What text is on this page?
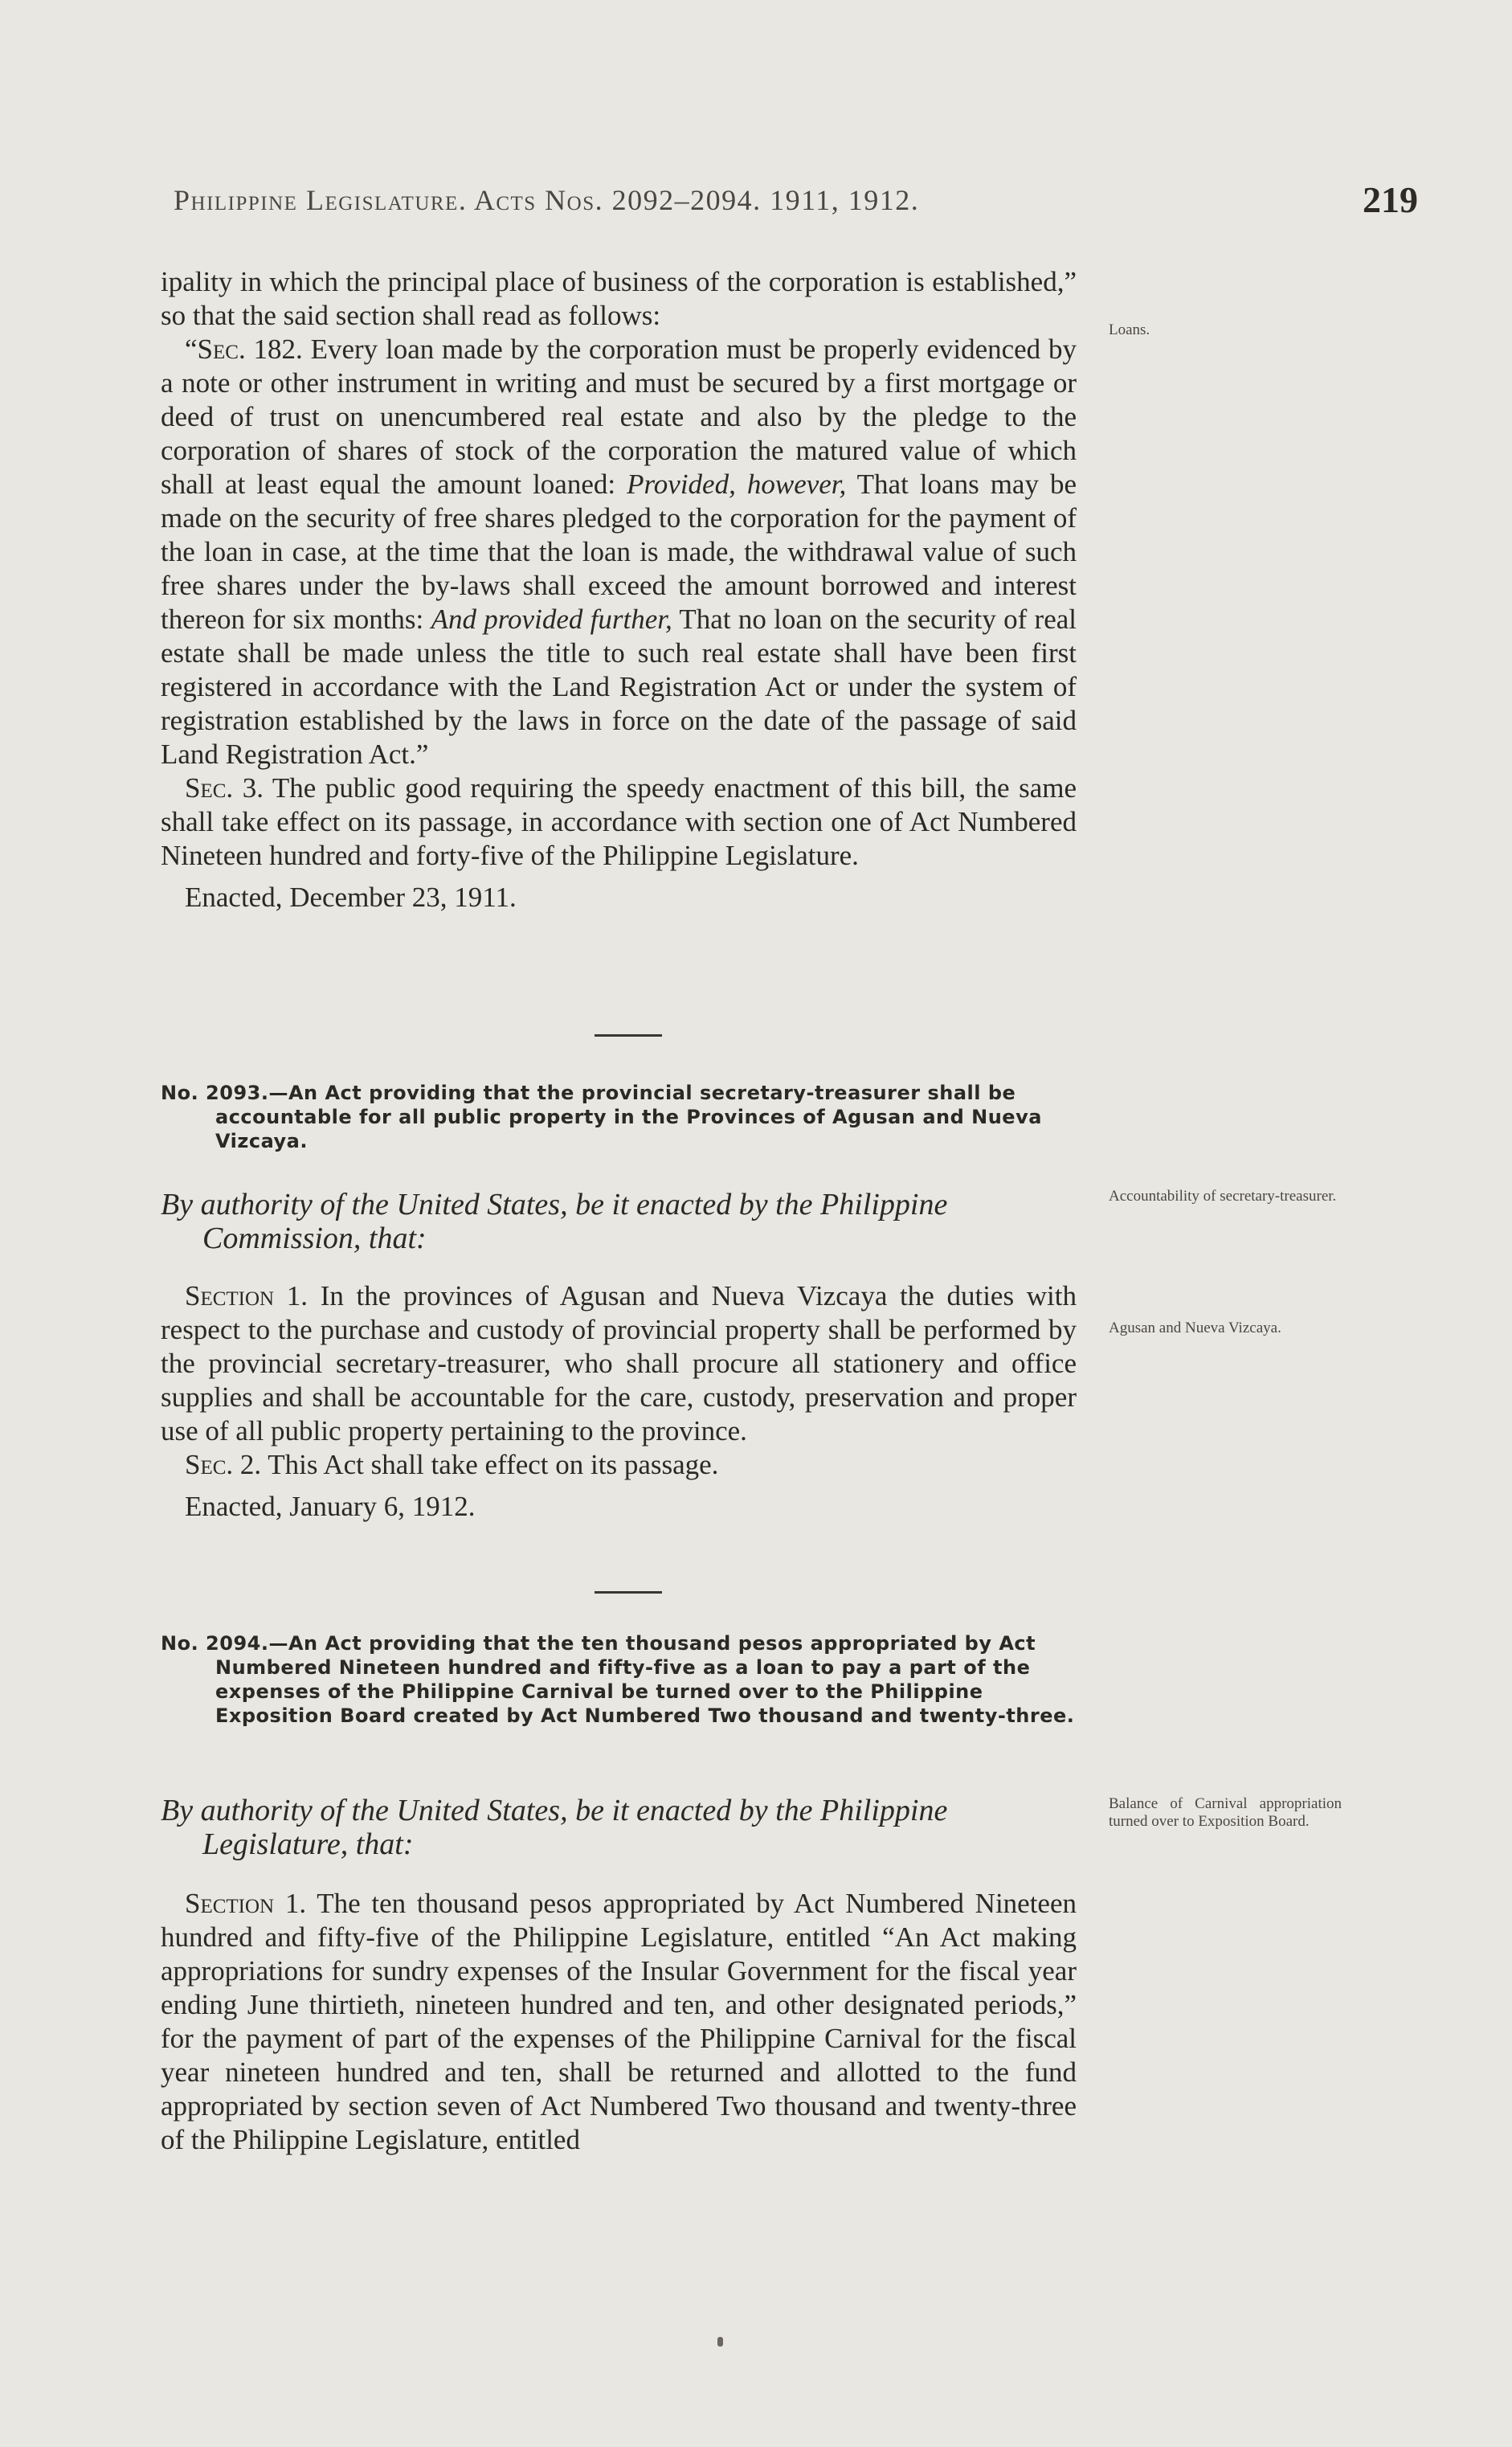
Philippine Legislature. Acts Nos. 2092–2094. 1911, 1912.	219

ipality in which the principal place of business of the corporation is established,” so that the said section shall read as follows:

“Sec. 182. Every loan made by the corporation must be properly evidenced by a note or other instrument in writing and must be secured by a first mortgage or deed of trust on unencumbered real estate and also by the pledge to the corporation of shares of stock of the corporation the matured value of which shall at least equal the amount loaned: Provided, however, That loans may be made on the security of free shares pledged to the corporation for the payment of the loan in case, at the time that the loan is made, the withdrawal value of such free shares under the by-laws shall exceed the amount borrowed and interest thereon for six months: And provided further, That no loan on the security of real estate shall be made unless the title to such real estate shall have been first registered in accordance with the Land Registration Act or under the system of registration established by the laws in force on the date of the passage of said Land Registration Act.”

Sec. 3. The public good requiring the speedy enactment of this bill, the same shall take effect on its passage, in accordance with section one of Act Numbered Nineteen hundred and forty-five of the Philippine Legislature.

Enacted, December 23, 1911.

Loans.
No. 2093.—An Act providing that the provincial secretary-treasurer shall be accountable for all public property in the Provinces of Agusan and Nueva Vizcaya.
By authority of the United States, be it enacted by the Philippine
Commission, that:
Accountability of secretary-treasurer.

Section 1. In the provinces of Agusan and Nueva Vizcaya the duties with respect to the purchase and custody of provincial property shall be performed by the provincial secretary-treasurer, who shall procure all stationery and office supplies and shall be accountable for the care, custody, preservation and proper use of all public property pertaining to the province.

Sec. 2. This Act shall take effect on its passage.

Enacted, January 6, 1912.

Agusan and Nueva Vizcaya.
No. 2094.—An Act providing that the ten thousand pesos appropriated by Act Numbered Nineteen hundred and fifty-five as a loan to pay a part of the expenses of the Philippine Carnival be turned over to the Philippine Exposition Board created by Act Numbered Two thousand and twenty-three.
By authority of the United States, be it enacted by the Philippine
Legislature, that:
Balance of Carnival appropriation turned over to Exposition Board.

Section 1. The ten thousand pesos appropriated by Act Numbered Nineteen hundred and fifty-five of the Philippine Legislature, entitled “An Act making appropriations for sundry expenses of the Insular Government for the fiscal year ending June thirtieth, nineteen hundred and ten, and other designated periods,” for the payment of part of the expenses of the Philippine Carnival for the fiscal year nineteen hundred and ten, shall be returned and allotted to the fund appropriated by section seven of Act Numbered Two thousand and twenty-three of the Philippine Legislature, entitled
